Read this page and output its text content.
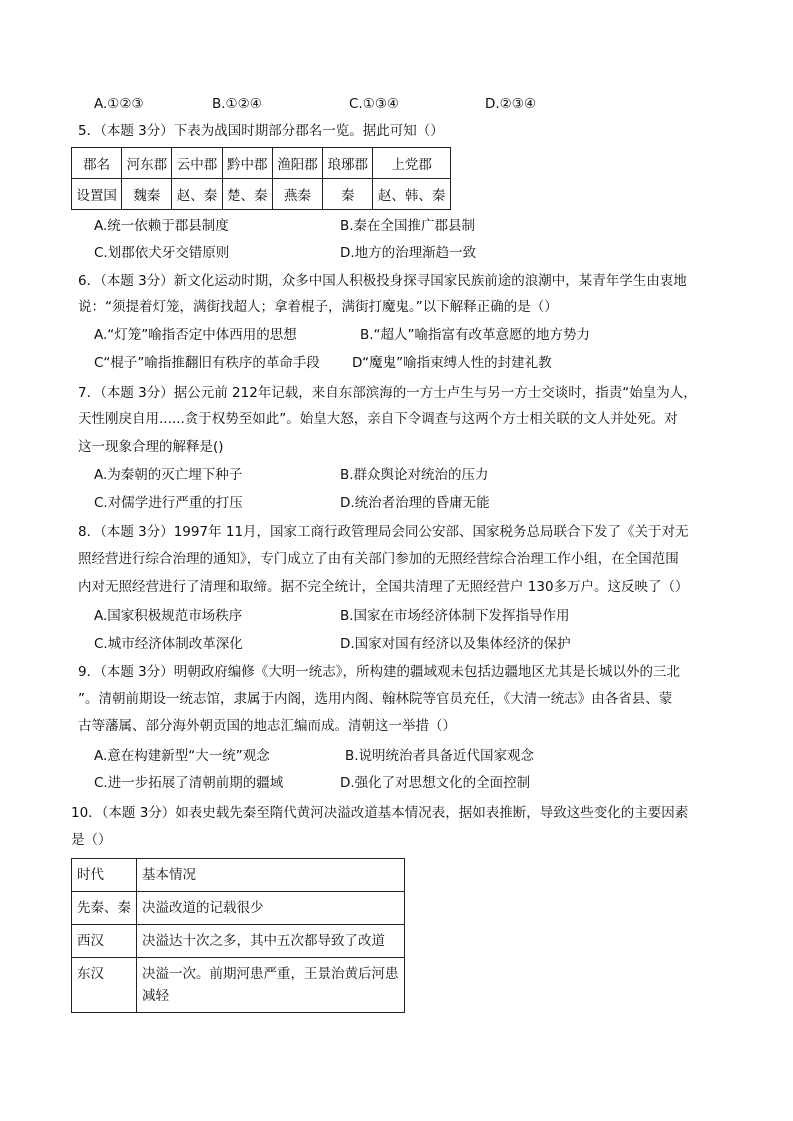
A.①②③	B.①②④	C.①③④	D.②③④
5．（本题 3分）下表为战国时期部分郡名一览。据此可知（）
郡名	河东郡	云中郡	黔中郡	渔阳郡	琅琊郡	上党郡
设置国	魏秦	赵、秦	楚、秦	燕秦	秦	赵、韩、秦
A.统一依赖于郡县制度	B.秦在全国推广郡县制
C.划郡依犬牙交错原则	D.地方的治理渐趋一致
6．（本题 3分）新文化运动时期，众多中国人积极投身探寻国家民族前途的浪潮中，某青年学生由衷地
说：“须提着灯笼，满街找超人；拿着棍子，满街打魔鬼。”以下解释正确的是（）
A.“灯笼”喻指否定中体西用的思想	B.“超人”喻指富有改革意愿的地方势力
C“棍子”喻指推翻旧有秩序的革命手段 D“魔鬼”喻指束缚人性的封建礼教
7．（本题 3分）据公元前 212年记载，来自东部滨海的一方士卢生与另一方士交谈时，指责“始皇为人，
天性刚戾自用......贪于权势至如此”。始皇大怒，亲自下令调查与这两个方士相关联的文人并处死。对
这一现象合理的解释是()
A.为秦朝的灭亡埋下种子	B.群众舆论对统治的压力
C.对儒学进行严重的打压	D.统治者治理的昏庸无能
8．（本题 3分）1997年 11月，国家工商行政管理局会同公安部、国家税务总局联合下发了《关于对无
照经营进行综合治理的通知》，专门成立了由有关部门参加的无照经营综合治理工作小组，在全国范围
内对无照经营进行了清理和取缔。据不完全统计，全国共清理了无照经营户 130多万户。这反映了（）
A.国家积极规范市场秩序	B.国家在市场经济体制下发挥指导作用
C.城市经济体制改革深化	D.国家对国有经济以及集体经济的保护
9．（本题 3分）明朝政府编修《大明一统志》，所构建的疆域观未包括边疆地区尤其是长城以外的三北
”。清朝前期设一统志馆，隶属于内阁，选用内阁、翰林院等官员充任，《大清一统志》由各省县、蒙
古等藩属、部分海外朝贡国的地志汇编而成。清朝这一举措（）
A.意在构建新型“大一统”观念	B.说明统治者具备近代国家观念
C.进一步拓展了清朝前期的疆域	D.强化了对思想文化的全面控制
10．（本题 3分）如表史载先秦至隋代黄河决溢改道基本情况表，据如表推断，导致这些变化的主要因素
是（）
时代	基本情况
先秦、秦	决溢改道的记载很少
西汉	决溢达十次之多，其中五次都导致了改道
东汉	决溢一次。前期河患严重，王景治黄后河患减轻
